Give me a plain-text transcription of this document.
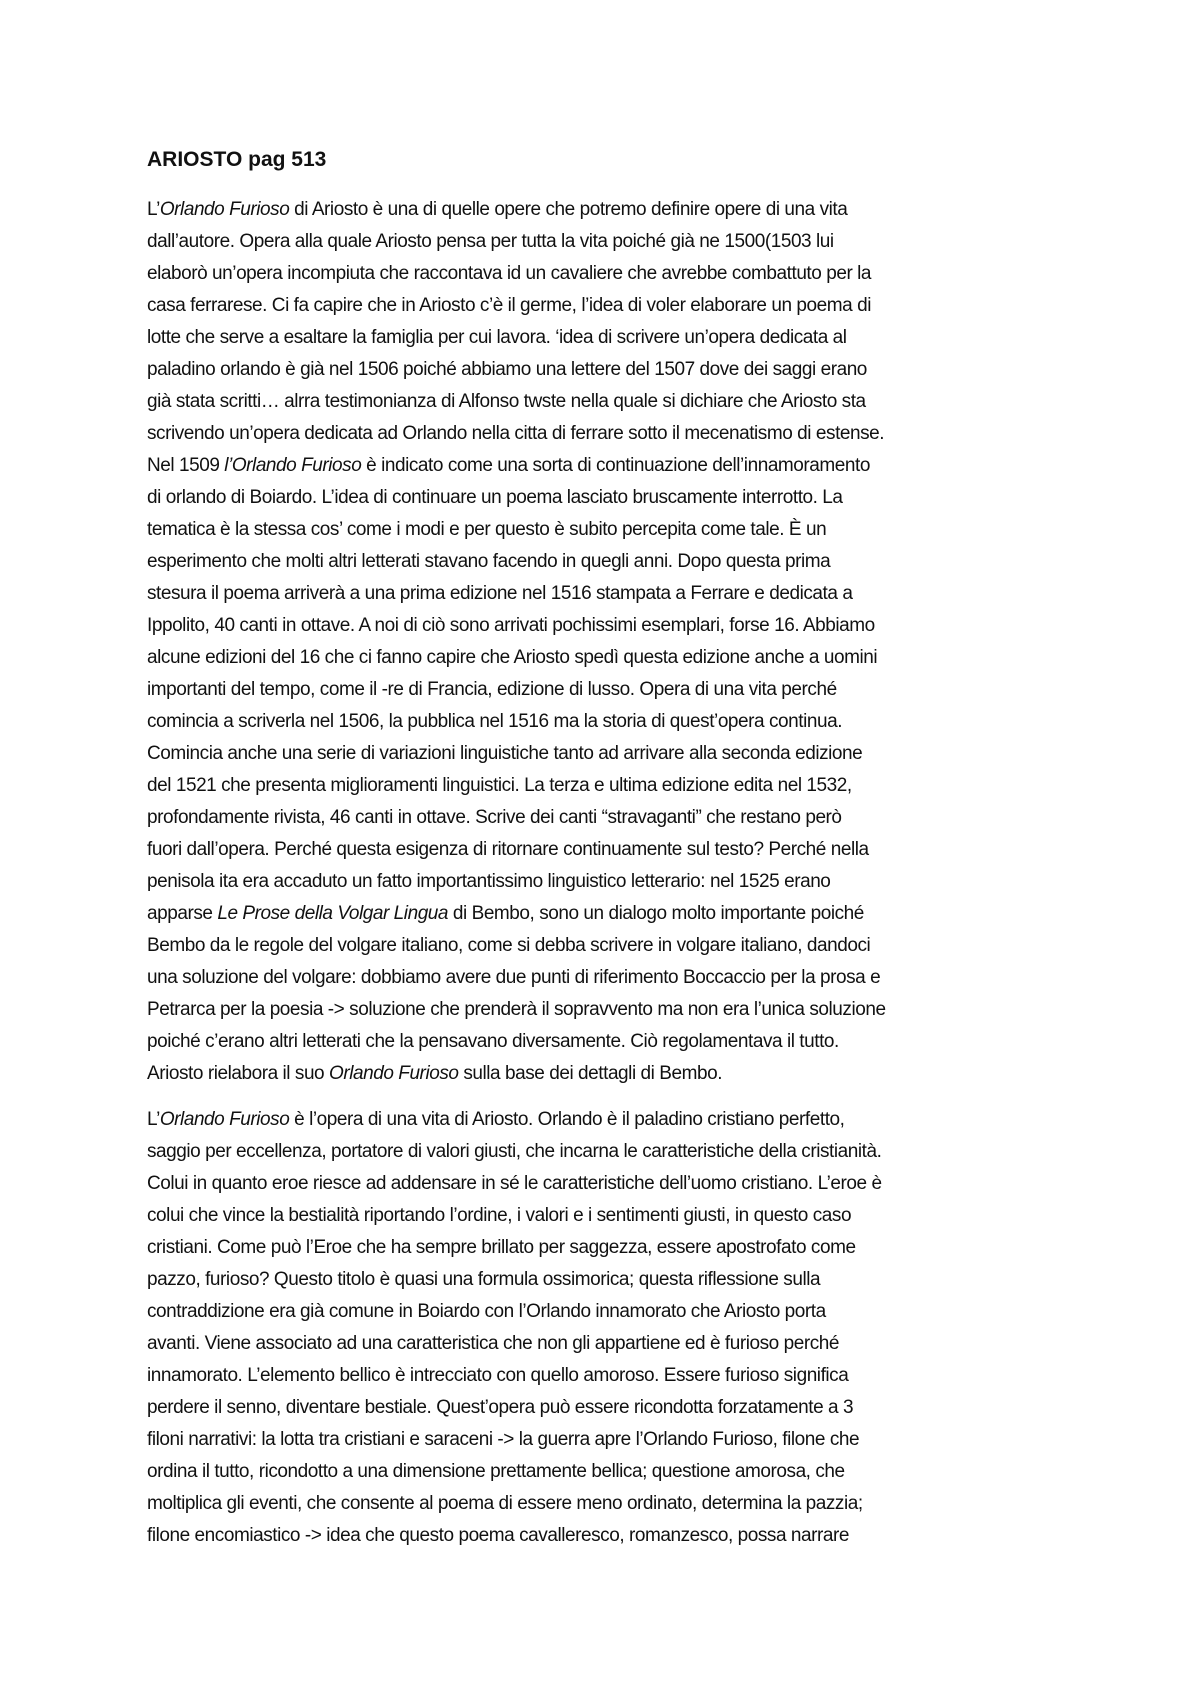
ARIOSTO pag 513
L’Orlando Furioso di Ariosto è una di quelle opere che potremo definire opere di una vita
dall’autore. Opera alla quale Ariosto pensa per tutta la vita poiché già ne 1500(1503 lui
elaborò un’opera incompiuta che raccontava id un cavaliere che avrebbe combattuto per la
casa ferrarese. Ci fa capire che in Ariosto c’è il germe, l’idea di voler elaborare un poema di
lotte che serve a esaltare la famiglia per cui lavora. ‘idea di scrivere un’opera dedicata al
paladino orlando è già nel 1506 poiché abbiamo una lettere del 1507 dove dei saggi erano
già stata scritti… alrra testimonianza di Alfonso twste nella quale si dichiare che Ariosto sta
scrivendo un’opera dedicata ad Orlando nella citta di ferrare sotto il mecenatismo di estense.
Nel 1509 l’Orlando Furioso è indicato come una sorta di continuazione dell’innamoramento
di orlando di Boiardo. L’idea di continuare un poema lasciato bruscamente interrotto. La
tematica è la stessa cos’ come i modi e per questo è subito percepita come tale. È un
esperimento che molti altri letterati stavano facendo in quegli anni. Dopo questa prima
stesura il poema arriverà a una prima edizione nel 1516 stampata a Ferrare e dedicata a
Ippolito, 40 canti in ottave. A noi di ciò sono arrivati pochissimi esemplari, forse 16. Abbiamo
alcune edizioni del 16 che ci fanno capire che Ariosto spedì questa edizione anche a uomini
importanti del tempo, come il -re di Francia, edizione di lusso. Opera di una vita perché
comincia a scriverla nel 1506, la pubblica nel 1516 ma la storia di quest’opera continua.
Comincia anche una serie di variazioni linguistiche tanto ad arrivare alla seconda edizione
del 1521 che presenta miglioramenti linguistici. La terza e ultima edizione edita nel 1532,
profondamente rivista, 46 canti in ottave. Scrive dei canti “stravaganti” che restano però
fuori dall’opera. Perché questa esigenza di ritornare continuamente sul testo? Perché nella
penisola ita era accaduto un fatto importantissimo linguistico letterario: nel 1525 erano
apparse Le Prose della Volgar Lingua di Bembo, sono un dialogo molto importante poiché
Bembo da le regole del volgare italiano, come si debba scrivere in volgare italiano, dandoci
una soluzione del volgare: dobbiamo avere due punti di riferimento Boccaccio per la prosa e
Petrarca per la poesia -> soluzione che prenderà il sopravvento ma non era l’unica soluzione
poiché c’erano altri letterati che la pensavano diversamente. Ciò regolamentava il tutto.
Ariosto rielabora il suo Orlando Furioso sulla base dei dettagli di Bembo.
L’Orlando Furioso è l’opera di una vita di Ariosto. Orlando è il paladino cristiano perfetto,
saggio per eccellenza, portatore di valori giusti, che incarna le caratteristiche della cristianità.
Colui in quanto eroe riesce ad addensare in sé le caratteristiche dell’uomo cristiano. L’eroe è
colui che vince la bestialità riportando l’ordine, i valori e i sentimenti giusti, in questo caso
cristiani. Come può l’Eroe che ha sempre brillato per saggezza, essere apostrofato come
pazzo, furioso? Questo titolo è quasi una formula ossimorica; questa riflessione sulla
contraddizione era già comune in Boiardo con l’Orlando innamorato che Ariosto porta
avanti. Viene associato ad una caratteristica che non gli appartiene ed è furioso perché
innamorato. L’elemento bellico è intrecciato con quello amoroso. Essere furioso significa
perdere il senno, diventare bestiale. Quest’opera può essere ricondotta forzatamente a 3
filoni narrativi: la lotta tra cristiani e saraceni -> la guerra apre l’Orlando Furioso, filone che
ordina il tutto, ricondotto a una dimensione prettamente bellica; questione amorosa, che
moltiplica gli eventi, che consente al poema di essere meno ordinato, determina la pazzia;
filone encomiastico -> idea che questo poema cavalleresco, romanzesco, possa narrare
